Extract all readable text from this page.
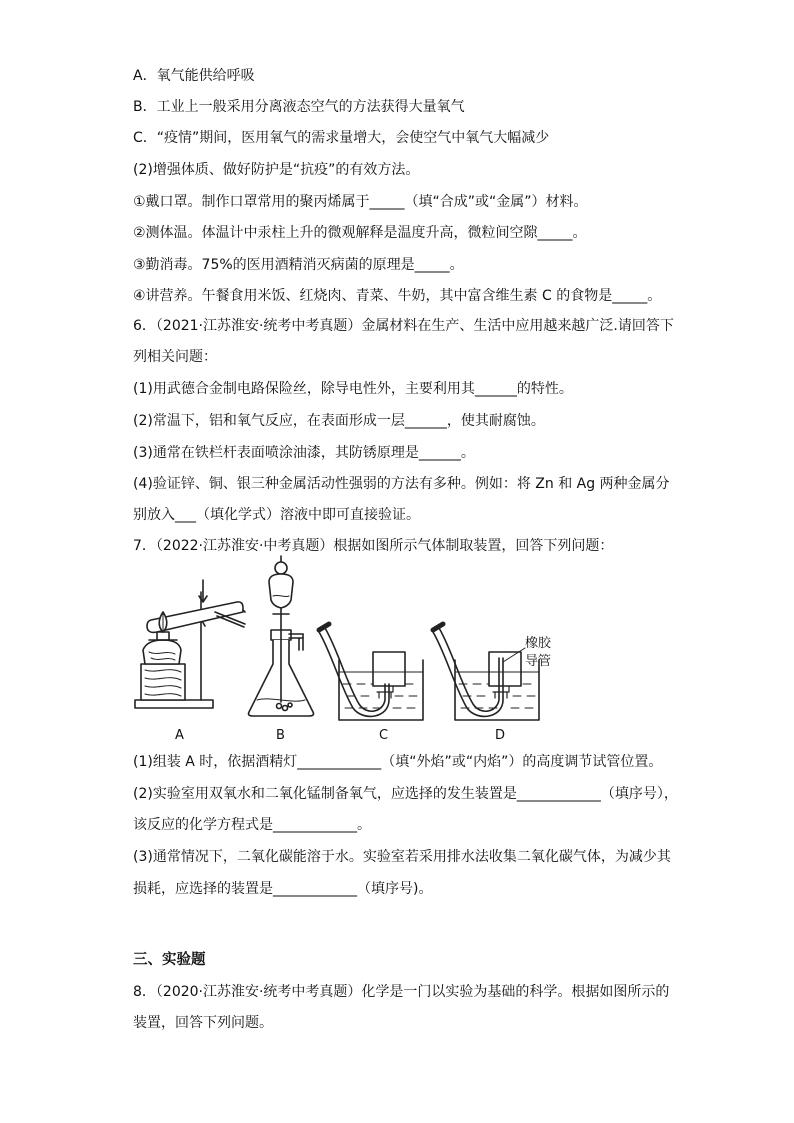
A．氧气能供给呼吸
B．工业上一般采用分离液态空气的方法获得大量氧气
C．“疫情”期间，医用氧气的需求量增大，会使空气中氧气大幅减少
(2)增强体质、做好防护是“抗疫”的有效方法。
①戴口罩。制作口罩常用的聚丙烯属于_____（填“合成”或“金属”）材料。
②测体温。体温计中汞柱上升的微观解释是温度升高，微粒间空隙_____。
③勤消毒。75%的医用酒精消灭病菌的原理是_____。
④讲营养。午餐食用米饭、红烧肉、青菜、牛奶，其中富含维生素 C 的食物是_____。
6．（2021·江苏淮安·统考中考真题）金属材料在生产、生活中应用越来越广泛.请回答下
列相关问题：
(1)用武德合金制电路保险丝，除导电性外，主要利用其______的特性。
(2)常温下，铝和氧气反应，在表面形成一层______，使其耐腐蚀。
(3)通常在铁栏杆表面喷涂油漆，其防锈原理是______。
(4)验证锌、铜、银三种金属活动性强弱的方法有多种。例如：将 Zn 和 Ag 两种金属分
别放入___（填化学式）溶液中即可直接验证。
7．（2022·江苏淮安·中考真题）根据如图所示气体制取装置，回答下列问题：
A	B	C	D
橡胶
导管
(1)组装 A 时，依据酒精灯____________（填“外焰”或“内焰”）的高度调节试管位置。
(2)实验室用双氧水和二氧化锰制备氧气，应选择的发生装置是____________（填序号），
该反应的化学方程式是____________。
(3)通常情况下，二氧化碳能溶于水。实验室若采用排水法收集二氧化碳气体，为减少其
损耗，应选择的装置是____________（填序号)。
三、实验题
8．（2020·江苏淮安·统考中考真题）化学是一门以实验为基础的科学。根据如图所示的
装置，回答下列问题。
